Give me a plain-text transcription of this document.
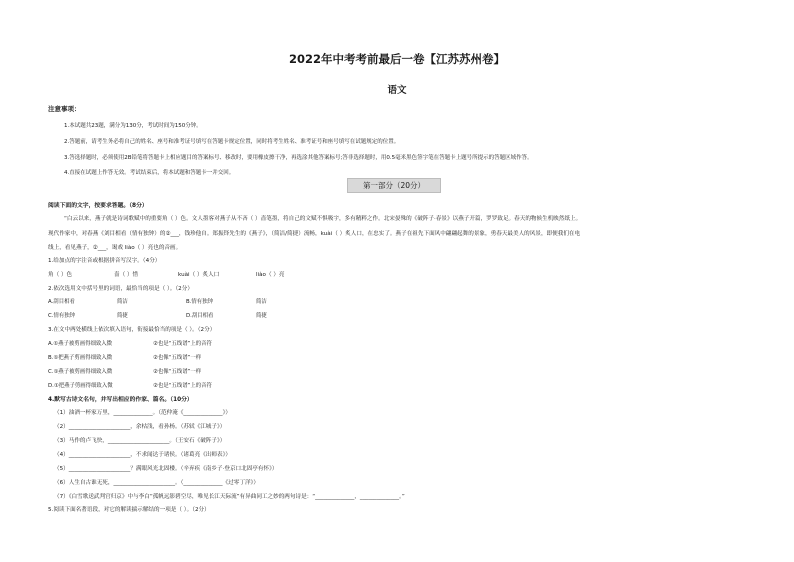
2022年中考考前最后一卷【江苏苏州卷】
语文
注意事项：
1.本试题共23题，满分为130分，考试时间为150分钟。
2.答题前，请考生务必将自己的姓名、座号和准考证号填写在答题卡规定位置，同时将考生姓名、准考证号和座号填写在试题规定的位置。
3.答选择题时，必须使用2B铅笔将答题卡上相应题目的答案标号、移改时，要用橡皮擦干净，再选涂其他答案标号;答非选择题时，用0.5毫米黑色签字笔在答题卡上题号所提示的答题区域作答。
4.直接在试题上作答无效。考试结束后，将本试题和答题卡一并交回。
第一部分（20分）
阅读下面的文字，按要求答题。（8分）
“白云以来，燕子就是诗词歌赋中的重要角（ ）色。文人墨客对燕子从不吝（ ）啬笔墨，将自己的文赋不惧吸宇，多有精粹之作。北宋晏殊的《破阵子·春景》以燕子开篇，罗罗致足。春天的物候生机映然纸上。
现代作家中，对春燕《刘目相看（情有独钟）的②___，钱珍他自。郑振铎先生的《燕子》，（简洁/简捷）流畅，kuài（ ）炙人口，在忠实了。燕子在祖先下面风中翩翩起舞的景象，勇春天最美人的风景，即便我们在电
线上，看见燕子，②___，谒戏 liào（ ）亮也的音画。
1.给加点的字注音或根据拼音写汉字。（4分）
角（ ）色	啬（ ）惜	kuài（ ）炙人口	liào（ ）亮
2.依次选用文中括号里的词语，最恰当的项是（ ）。（2分）
A.刮目相看	简洁	B.情有独钟	简洁
C.情有独钟	简捷	D.刮目相看	简捷
3.在文中两处横线上依次填入语句，衔接最恰当的项是（ ）。（2分）
A.①燕子被剪画得细致入微	②也是“五线谱”上的音符
B.①把燕子剪画得细致入微	②也像“五线谱”一样
C.①燕子被剪画得细致入微	②也像“五线谱”一样
D.①把燕子剪画得细致入微	②也是“五线谱”上的音符
4.默写古诗文名句，并写出相应的作家、篇名。（10分）
（1）油酒一杯家万里，______________。（范仲淹《______________》）
（2）______________________，余枯浅，看孙杨。（苏轼《江城子》）
（3）马作的卢飞快，______________________。（王安石《破阵子》）
（4）______________________，不求闻达于诸侯。（诸葛亮《出师表》）
（5）______________________？满眼风光北固楼。（辛弃疾《南乡子·登京口北固亭有怀》）
（6）人生自古谁无死，______________________。（______________《过零丁洋》）
（7）《白雪歌送武判官归京》中与李白“孤帆远影碧空尽，唯见长江天际流”有异曲同工之妙的两句诗是：“______________，______________。”
5.阅读下面名著语段，对它的解读揣示解结的一项是（ ）。（2分）
